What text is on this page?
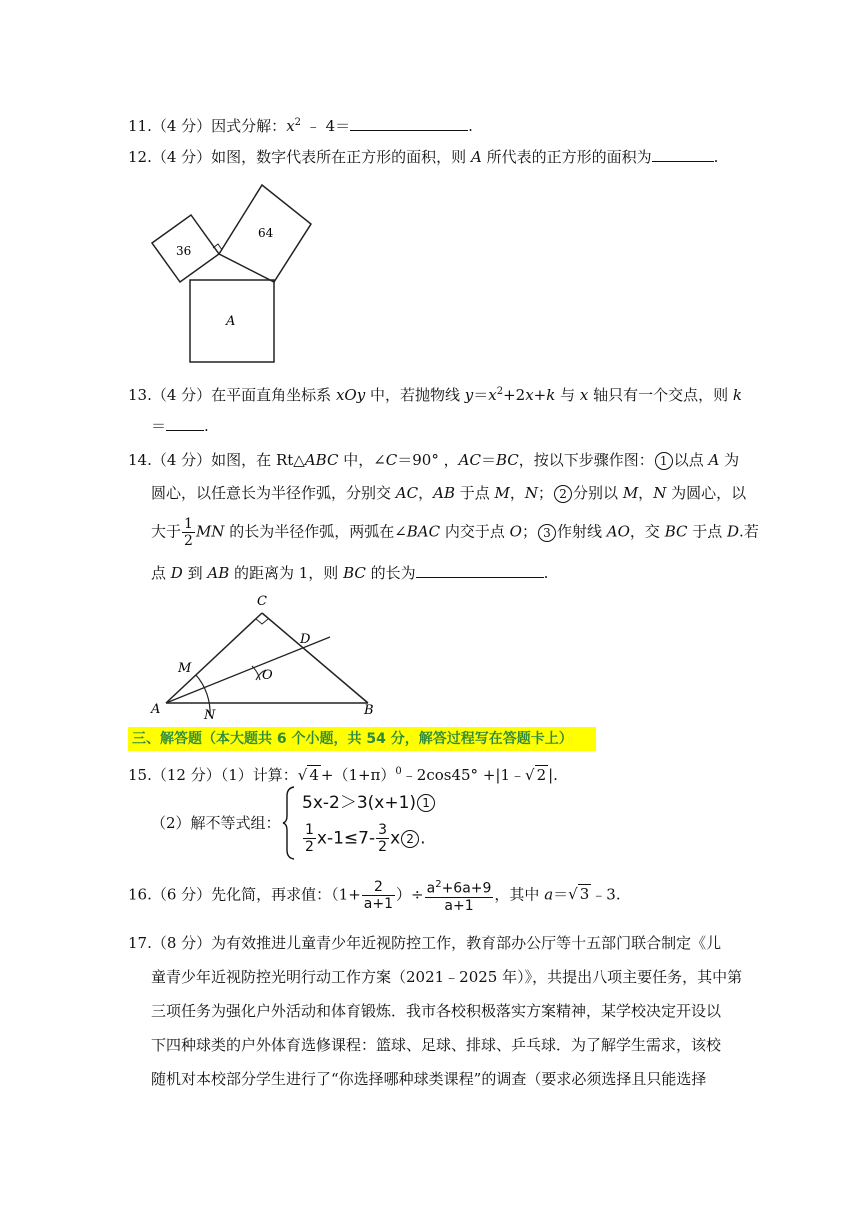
11.（4 分）因式分解：$x^2$ ﹣ 4＝	.
12.（4 分）如图，数字代表所在正方形的面积，则 A 所代表的正方形的面积为	.
36
64
A
13.（4 分）在平面直角坐标系 xOy 中，若抛物线 $y=x^2+2x+k$ 与 x 轴只有一个交点，则 k
＝	.
14.（4 分）如图，在 Rt△ABC 中，∠C＝90° ，AC＝BC，按以下步骤作图： 1 以点 A 为
圆心，以任意长为半径作弧，分别交 AC，AB 于点 M，N； 2 分别以 M，N 为圆心，以
大于 $\frac{1}{2}$ MN 的长为半径作弧，两弧在∠BAC 内交于点 O； 3 作射线 AO，交 BC 于点 D.若
点 D 到 AB 的距离为 1，则 BC 的长为	.
A	B
C
D
M
N
O
三、解答题（本大题共 6 个小题，共 54 分，解答过程写在答题卡上）
15.（12 分）（1）计算：√ $4 +(1+\pi)^0﹣2\cos 45^\circ$ +|1﹣√ 2 |.
（2）解不等式组：
5x-2＞3(x+1) 1
$\frac{1}{2} x-1\le 7- \frac{3}{2}$ x 2 .
16.（6 分）先化简，再求值：（$1+ \frac{2}{a+1}$ ）÷ $\frac{a^2+6a+9}{a+1}$ ，其中 a＝√ 3 ﹣3.
17.（8 分）为有效推进儿童青少年近视防控工作，教育部办公厅等十五部门联合制定《儿
童青少年近视防控光明行动工作方案（2021﹣2025 年）》，共提出八项主要任务，其中第
三项任务为强化户外活动和体育锻炼．我市各校积极落实方案精神，某学校决定开设以
下四种球类的户外体育选修课程：篮球、足球、排球、乒乓球．为了解学生需求，该校
随机对本校部分学生进行了“你选择哪种球类课程”的调查（要求必须选择且只能选择
